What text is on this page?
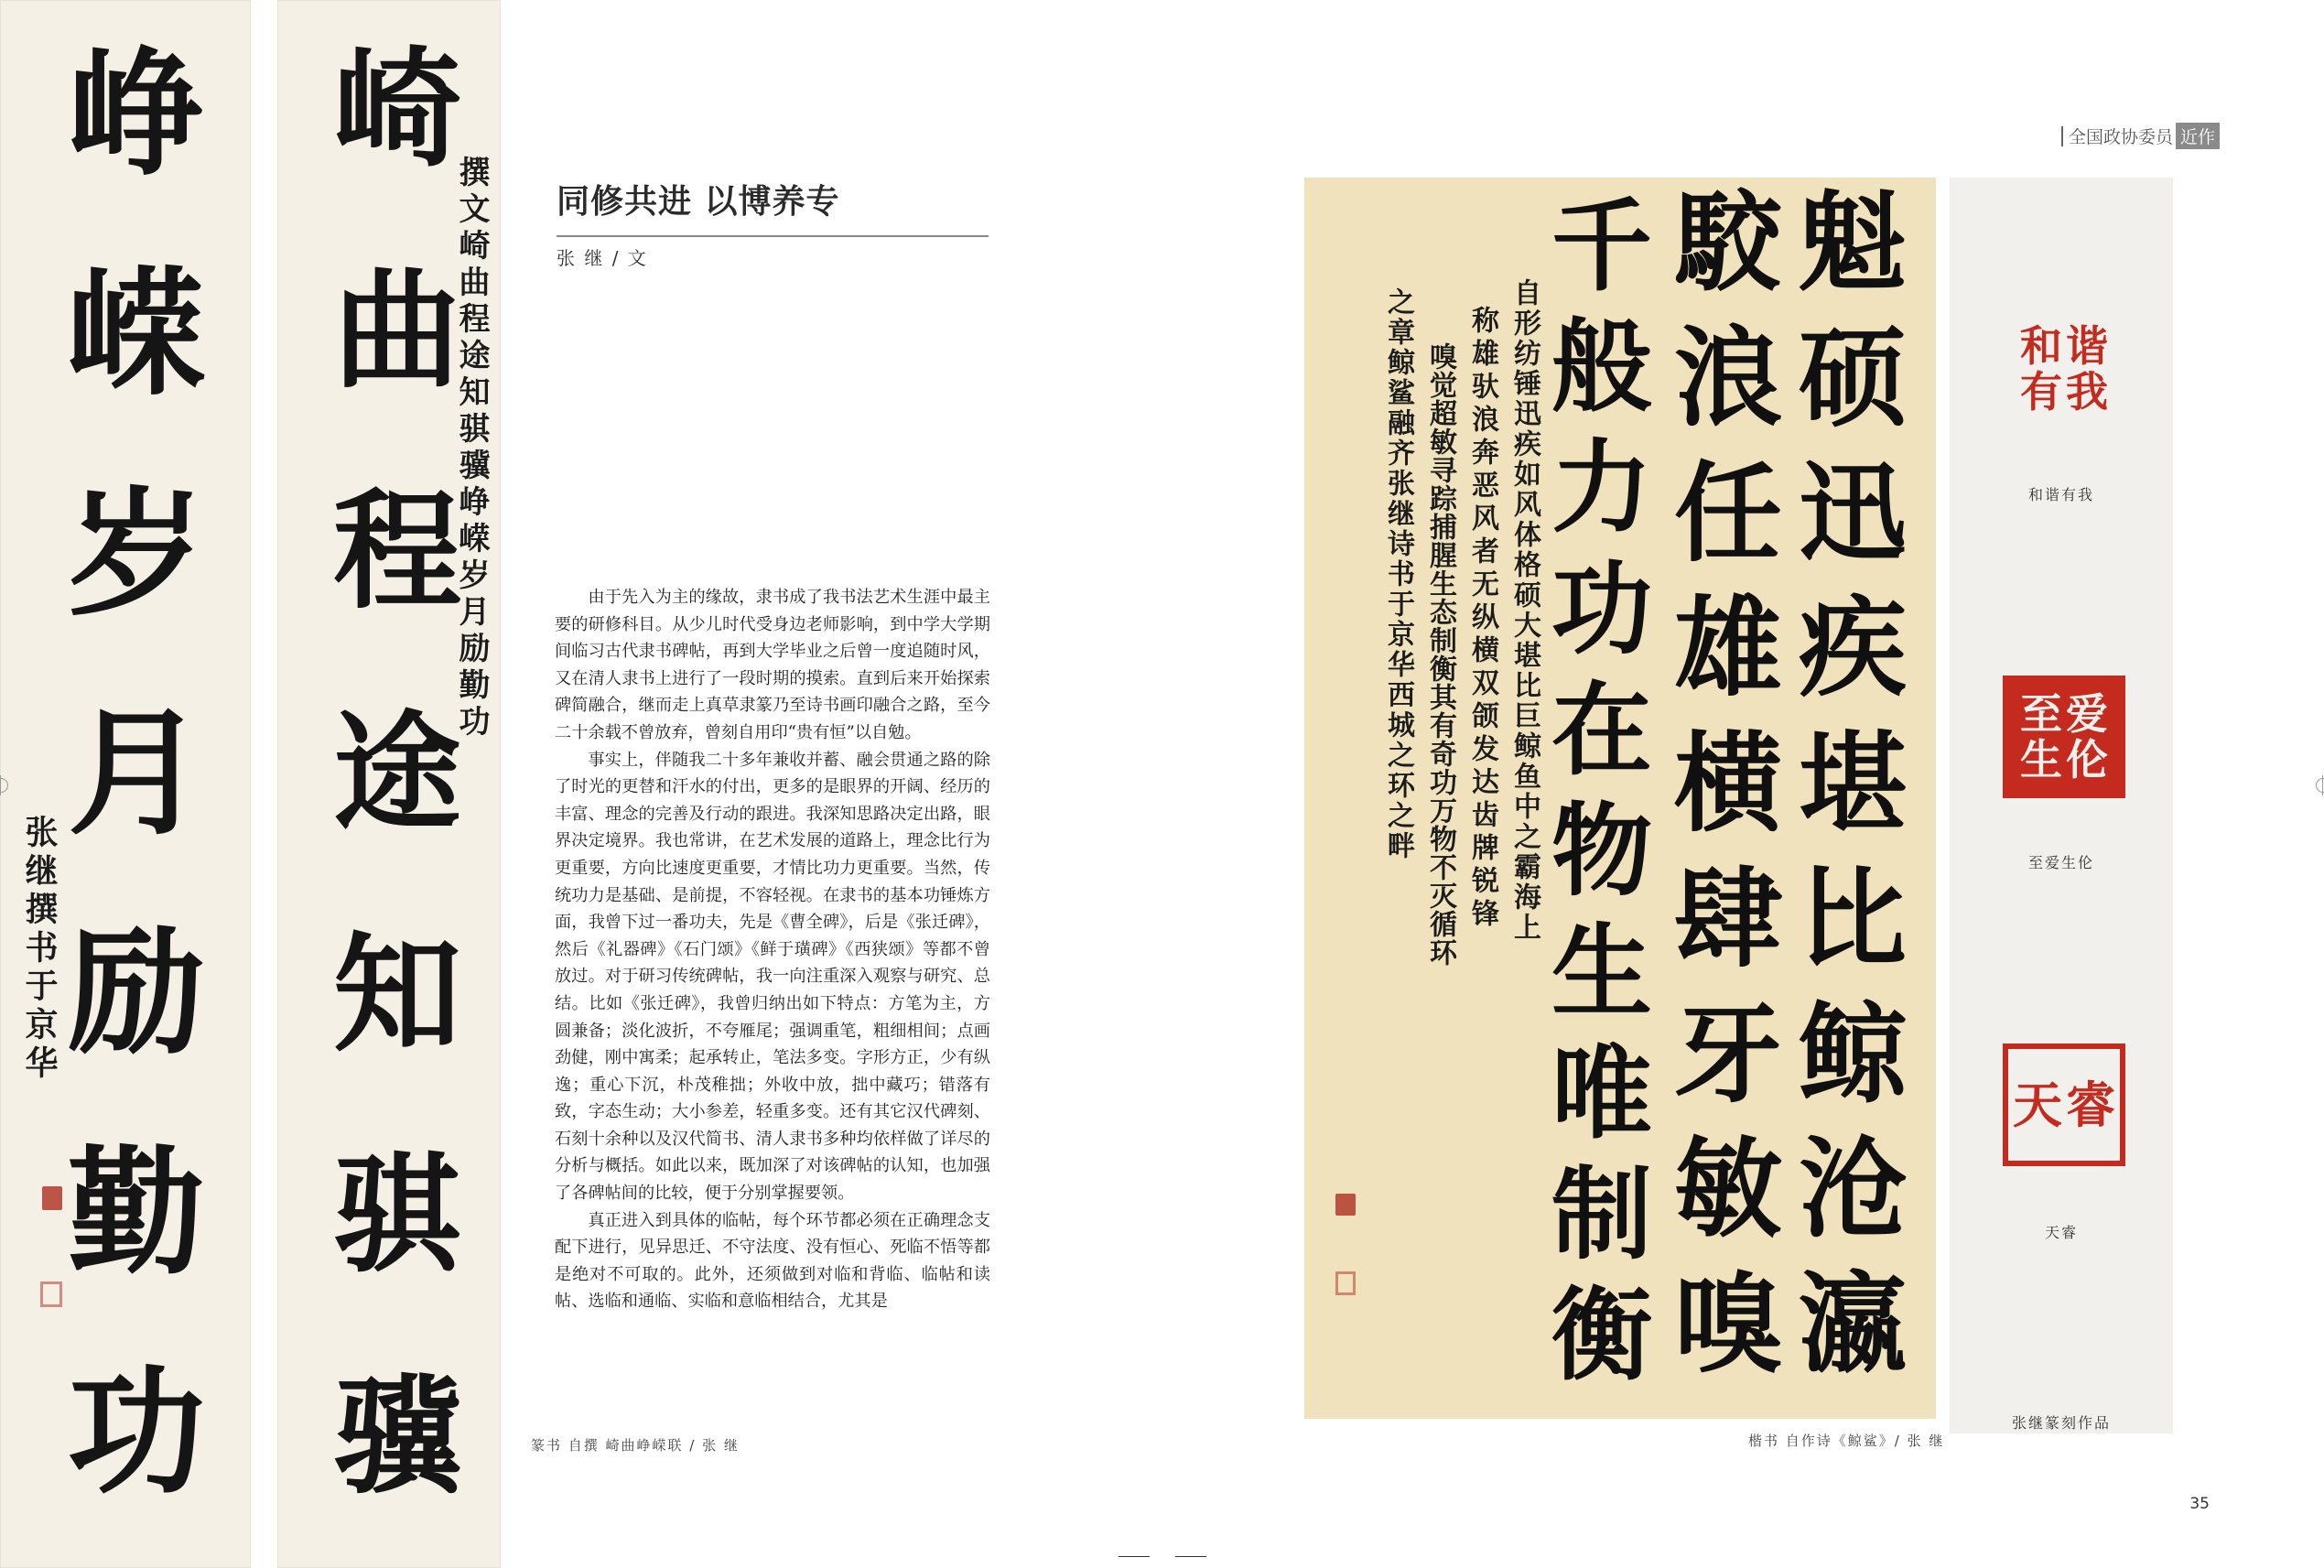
峥
嵘
岁
月
励
勤
功
张继撰书于京华
崎
曲
程
途
知
骐
骥
撰文崎曲程途知骐骥峥嵘岁月励勤功 同修共进 以博养专
张 继 / 文

由于先入为主的缘故，隶书成了我书法艺术生涯中最主要的研修科目。从少儿时代受身边老师影响，到中学大学期间临习古代隶书碑帖，再到大学毕业之后曾一度追随时风，又在清人隶书上进行了一段时期的摸索。直到后来开始探索碑简融合，继而走上真草隶篆乃至诗书画印融合之路，至今二十余载不曾放弃，曾刻自用印“贵有恒”以自勉。

事实上，伴随我二十多年兼收并蓄、融会贯通之路的除了时光的更替和汗水的付出，更多的是眼界的开阔、经历的丰富、理念的完善及行动的跟进。我深知思路决定出路，眼界决定境界。我也常讲，在艺术发展的道路上，理念比行为更重要，方向比速度更重要，才情比功力更重要。当然，传统功力是基础、是前提，不容轻视。在隶书的基本功锤炼方面，我曾下过一番功夫，先是《曹全碑》，后是《张迁碑》，然后《礼器碑》《石门颂》《鲜于璜碑》《西狭颂》等都不曾放过。对于研习传统碑帖，我一向注重深入观察与研究、总结。比如《张迁碑》，我曾归纳出如下特点：方笔为主，方圆兼备；淡化波折，不夸雁尾；强调重笔，粗细相间；点画劲健，刚中寓柔；起承转止，笔法多变。字形方正，少有纵逸；重心下沉，朴茂稚拙；外收中放，拙中藏巧；错落有致，字态生动；大小参差，轻重多变。还有其它汉代碑刻、石刻十余种以及汉代简书、清人隶书多种均依样做了详尽的分析与概括。如此以来，既加深了对该碑帖的认知，也加强了各碑帖间的比较，便于分别掌握要领。

真正进入到具体的临帖，每个环节都必须在正确理念支配下进行，见异思迁、不守法度、没有恒心、死临不悟等都是绝对不可取的。此外，还须做到对临和背临、临帖和读帖、选临和通临、实临和意临相结合，尤其是

篆书 自撰 崎曲峥嵘联 / 张 继
全国政协委员 近作
魁
硕
迅
疾
堪
比
鲸
沧
瀛
駮
浪
任
雄
横
肆
牙
敏
嗅
千
般
力
功
在
物
生
唯
制
衡
自形纺锤迅疾如风体格硕大堪比巨鲸鱼中之霸海上
称雄驮浪奔恶风者无纵横双颌发达齿牌锐锋
嗅觉超敏寻踪捕腥生态制衡其有奇功万物不灭循环
之章鲸鲨融齐张继诗书于京华西城之环之畔
楷书 自作诗《鲸鲨》/ 张 继
和 谐
有 我
和谐有我
至 爱
生 伦
至爱生伦
天 睿
天睿
张继篆刻作品
35
